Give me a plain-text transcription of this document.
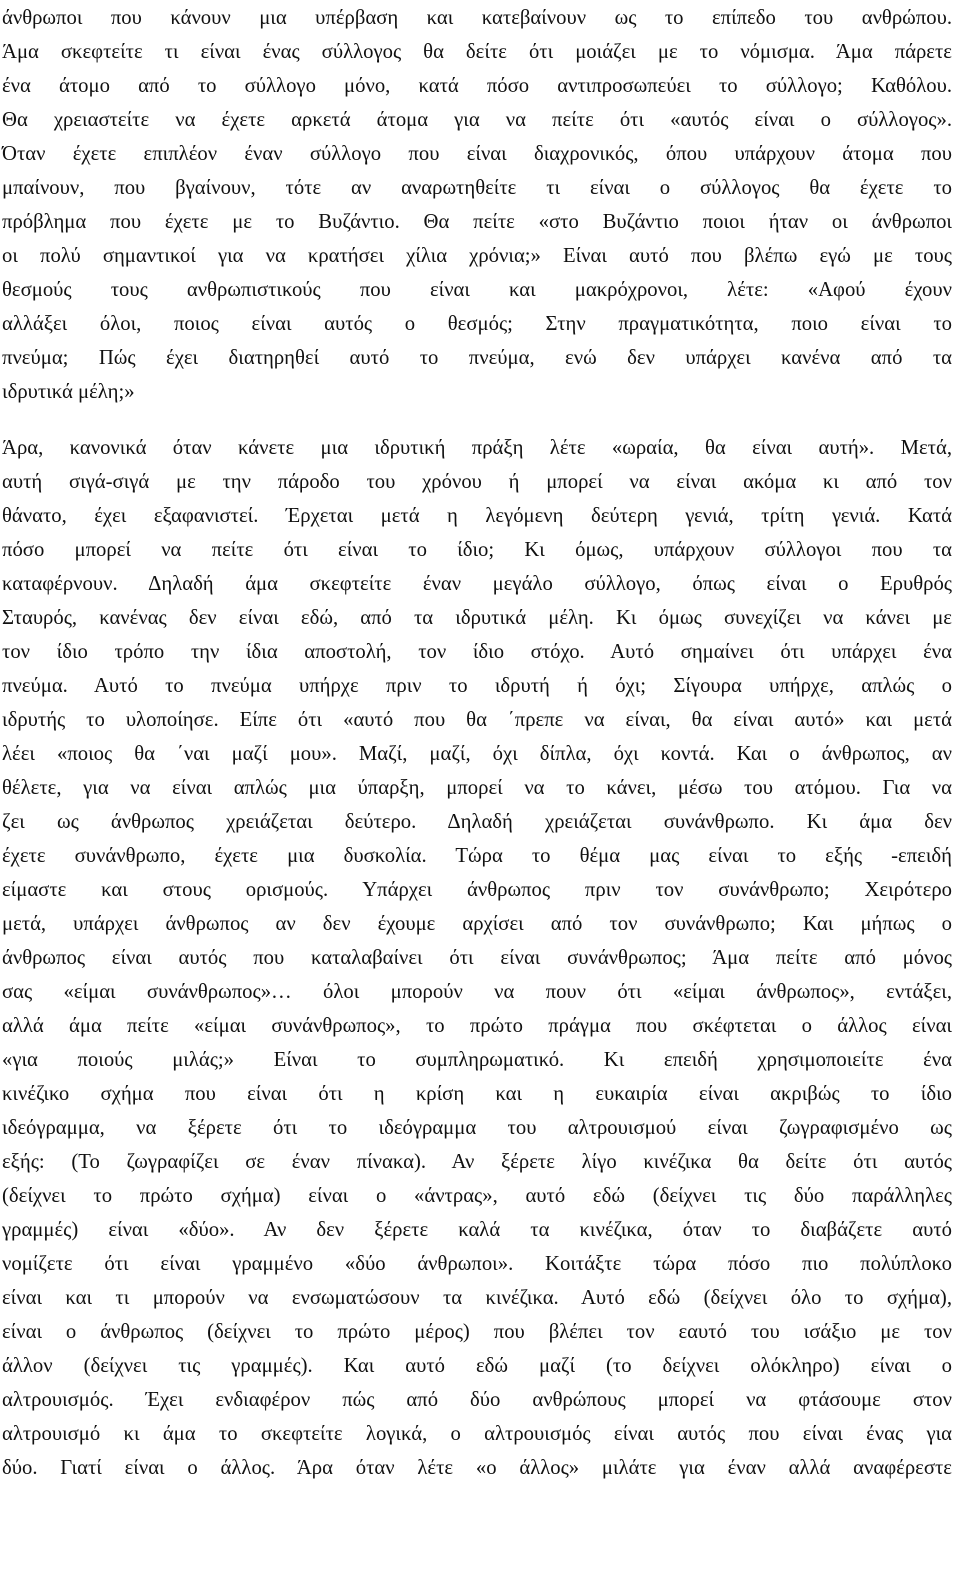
άνθρωποι που κάνουν μια υπέρβαση και κατεβαίνουν ως το επίπεδο του ανθρώπου.
Άμα σκεφτείτε τι είναι ένας σύλλογος θα δείτε ότι μοιάζει με το νόμισμα. Άμα πάρετε
ένα άτομο από το σύλλογο μόνο, κατά πόσο αντιπροσωπεύει το σύλλογο; Καθόλου.
Θα χρειαστείτε να έχετε αρκετά άτομα για να πείτε ότι «αυτός είναι ο σύλλογος».
Όταν έχετε επιπλέον έναν σύλλογο που είναι διαχρονικός, όπου υπάρχουν άτομα που
μπαίνουν, που βγαίνουν, τότε αν αναρωτηθείτε τι είναι ο σύλλογος θα έχετε το
πρόβλημα που έχετε με το Βυζάντιο. Θα πείτε «στο Βυζάντιο ποιοι ήταν οι άνθρωποι
οι πολύ σημαντικοί για να κρατήσει χίλια χρόνια;» Είναι αυτό που βλέπω εγώ με τους
θεσμούς τους ανθρωπιστικούς που είναι και μακρόχρονοι, λέτε: «Αφού έχουν
αλλάξει όλοι, ποιος είναι αυτός ο θεσμός; Στην πραγματικότητα, ποιο είναι το
πνεύμα; Πώς έχει διατηρηθεί αυτό το πνεύμα, ενώ δεν υπάρχει κανένα από τα
ιδρυτικά μέλη;»
Άρα, κανονικά όταν κάνετε μια ιδρυτική πράξη λέτε «ωραία, θα είναι αυτή». Μετά,
αυτή σιγά-σιγά με την πάροδο του χρόνου ή μπορεί να είναι ακόμα κι από τον
θάνατο, έχει εξαφανιστεί. Έρχεται μετά η λεγόμενη δεύτερη γενιά, τρίτη γενιά. Κατά
πόσο μπορεί να πείτε ότι είναι το ίδιο; Κι όμως, υπάρχουν σύλλογοι που τα
καταφέρνουν. Δηλαδή άμα σκεφτείτε έναν μεγάλο σύλλογο, όπως είναι ο Ερυθρός
Σταυρός, κανένας δεν είναι εδώ, από τα ιδρυτικά μέλη. Κι όμως συνεχίζει να κάνει με
τον ίδιο τρόπο την ίδια αποστολή, τον ίδιο στόχο. Αυτό σημαίνει ότι υπάρχει ένα
πνεύμα. Αυτό το πνεύμα υπήρχε πριν το ιδρυτή ή όχι; Σίγουρα υπήρχε, απλώς ο
ιδρυτής το υλοποίησε. Είπε ότι «αυτό που θα ΄πρεπε να είναι, θα είναι αυτό» και μετά
λέει «ποιος θα ΄ναι μαζί μου». Μαζί, μαζί, όχι δίπλα, όχι κοντά. Και ο άνθρωπος, αν
θέλετε, για να είναι απλώς μια ύπαρξη, μπορεί να το κάνει, μέσω του ατόμου. Για να
ζει ως άνθρωπος χρειάζεται δεύτερο. Δηλαδή χρειάζεται συνάνθρωπο. Κι άμα δεν
έχετε συνάνθρωπο, έχετε μια δυσκολία. Τώρα το θέμα μας είναι το εξής -επειδή
είμαστε και στους ορισμούς. Υπάρχει άνθρωπος πριν τον συνάνθρωπο; Χειρότερο
μετά, υπάρχει άνθρωπος αν δεν έχουμε αρχίσει από τον συνάνθρωπο; Και μήπως ο
άνθρωπος είναι αυτός που καταλαβαίνει ότι είναι συνάνθρωπος; Άμα πείτε από μόνος
σας «είμαι συνάνθρωπος»… όλοι μπορούν να πουν ότι «είμαι άνθρωπος», εντάξει,
αλλά άμα πείτε «είμαι συνάνθρωπος», το πρώτο πράγμα που σκέφτεται ο άλλος είναι
«για ποιούς μιλάς;» Είναι το συμπληρωματικό. Κι επειδή χρησιμοποιείτε ένα
κινέζικο σχήμα που είναι ότι η κρίση και η ευκαιρία είναι ακριβώς το ίδιο
ιδεόγραμμα, να ξέρετε ότι το ιδεόγραμμα του αλτρουισμού είναι ζωγραφισμένο ως
εξής: (Το ζωγραφίζει σε έναν πίνακα). Αν ξέρετε λίγο κινέζικα θα δείτε ότι αυτός
(δείχνει το πρώτο σχήμα) είναι ο «άντρας», αυτό εδώ (δείχνει τις δύο παράλληλες
γραμμές) είναι «δύο». Αν δεν ξέρετε καλά τα κινέζικα, όταν το διαβάζετε αυτό
νομίζετε ότι είναι γραμμένο «δύο άνθρωποι». Κοιτάξτε τώρα πόσο πιο πολύπλοκο
είναι και τι μπορούν να ενσωματώσουν τα κινέζικα. Αυτό εδώ (δείχνει όλο το σχήμα),
είναι ο άνθρωπος (δείχνει το πρώτο μέρος) που βλέπει τον εαυτό του ισάξιο με τον
άλλον (δείχνει τις γραμμές). Και αυτό εδώ μαζί (το δείχνει ολόκληρο) είναι ο
αλτρουισμός. Έχει ενδιαφέρον πώς από δύο ανθρώπους μπορεί να φτάσουμε στον
αλτρουισμό κι άμα το σκεφτείτε λογικά, ο αλτρουισμός είναι αυτός που είναι ένας για
δύο. Γιατί είναι ο άλλος. Άρα όταν λέτε «ο άλλος» μιλάτε για έναν αλλά αναφέρεστε
